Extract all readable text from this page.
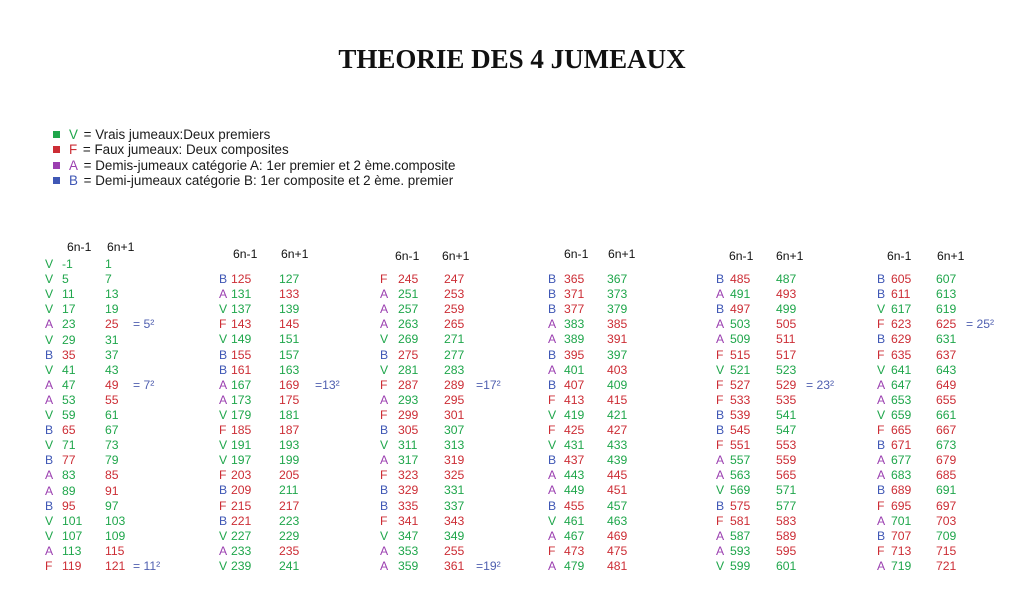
THEORIE DES 4 JUMEAUX
V = Vrais jumeaux:Deux premiers
F = Faux jumeaux: Deux composites
A = Demis-jumeaux catégorie A: 1er premier et 2 ème.composite
B = Demi-jumeaux catégorie B: 1er composite et 2 ème. premier
6n-1 6n+1
V -1	1
V 5	7
V 11 13
V 17 19
A 23 25 = 5²
V 29 31
B 35 37
V 41 43
A 47 49 = 7²
A 53 55
V 59 61
B 65 67
V 71 73
B 77 79
A 83 85
A 89 91
B 95 97
V 101 103
V 107 109
A 113 115
F 119 121 = 11²
6n-1 6n+1
B 125 127
A 131 133
V 137 139
F 143 145
V 149 151
B 155 157
B 161 163
A 167 169 =13²
A 173 175
V 179 181
F 185 187
V 191 193
V 197 199
F 203 205
B 209 211
F 215 217
B 221 223
V 227 229
A 233 235
V 239 241
6n-1 6n+1
F 245 247
A 251 253
A 257 259
A 263 265
V 269 271
B 275 277
V 281 283
F 287 289 =17²
A 293 295
F 299 301
B 305 307
V 311 313
A 317 319
F 323 325
B 329 331
B 335 337
F 341 343
V 347 349
A 353 255
A 359 361 =19²
6n-1 6n+1
B 365 367
B 371 373
B 377 379
A 383 385
A 389 391
B 395 397
A 401 403
B 407 409
F 413 415
V 419 421
F 425 427
V 431 433
B 437 439
A 443 445
A 449 451
B 455 457
V 461 463
A 467 469
F 473 475
A 479 481
6n-1 6n+1
B 485 487
A 491 493
B 497 499
A 503 505
A 509 511
F 515 517
V 521 523
F 527 529 = 23²
F 533 535
B 539 541
B 545 547
F 551 553
A 557 559
A 563 565
V 569 571
B 575 577
F 581 583
A 587 589
A 593 595
V 599 601
6n-1 6n+1
B 605 607
B 611 613
V 617 619
F 623 625 = 25²
B 629 631
F 635 637
V 641 643
A 647 649
A 653 655
V 659 661
F 665 667
B 671 673
A 677 679
A 683 685
B 689 691
F 695 697
A 701 703
B 707 709
F 713 715
A 719 721
